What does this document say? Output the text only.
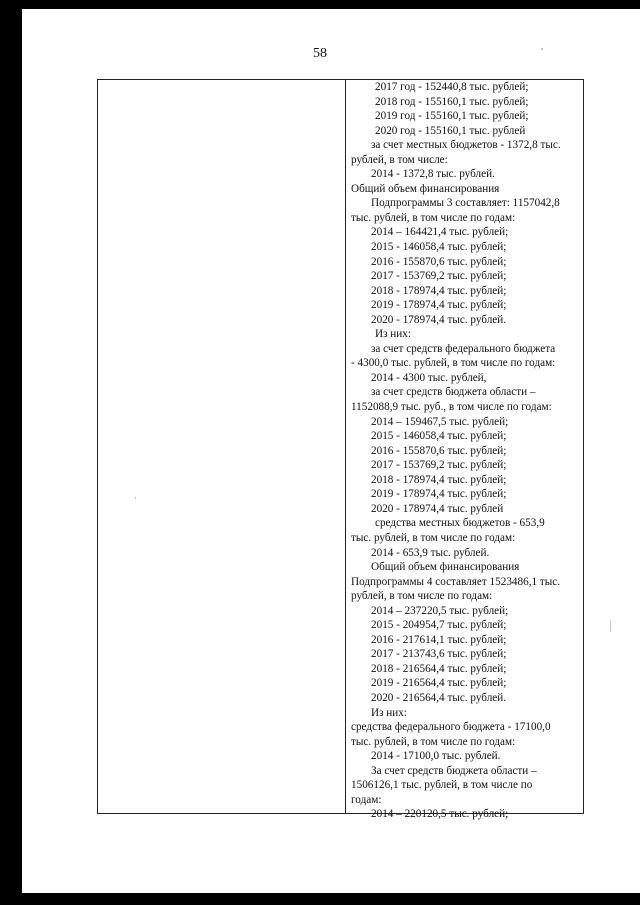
58
2017 год - 152440,8 тыс. рублей;
2018 год - 155160,1 тыс. рублей;
2019 год - 155160,1 тыс. рублей;
2020 год - 155160,1 тыс. рублей
за счет местных бюджетов - 1372,8 тыс.
рублей, в том числе:
2014 - 1372,8 тыс. рублей.
Общий объем финансирования
Подпрограммы 3 составляет: 1157042,8
тыс. рублей, в том числе по годам:
2014 – 164421,4 тыс. рублей;
2015 - 146058,4 тыс. рублей;
2016 - 155870,6 тыс. рублей;
2017 - 153769,2 тыс. рублей;
2018 - 178974,4 тыс. рублей;
2019 - 178974,4 тыс. рублей;
2020 - 178974,4 тыс. рублей.
Из них:
за счет средств федерального бюджета
- 4300,0 тыс. рублей, в том числе по годам:
2014 - 4300 тыс. рублей,
за счет средств бюджета области –
1152088,9 тыс. руб., в том числе по годам:
2014 – 159467,5 тыс. рублей;
2015 - 146058,4 тыс. рублей;
2016 - 155870,6 тыс. рублей;
2017 - 153769,2 тыс. рублей;
2018 - 178974,4 тыс. рублей;
2019 - 178974,4 тыс. рублей;
2020 - 178974,4 тыс. рублей
средства местных бюджетов - 653,9
тыс. рублей, в том числе по годам:
2014 - 653,9 тыс. рублей.
Общий объем финансирования
Подпрограммы 4 составляет 1523486,1 тыс.
рублей, в том числе по годам:
2014 – 237220,5 тыс. рублей;
2015 - 204954,7 тыс. рублей;
2016 - 217614,1 тыс. рублей;
2017 - 213743,6 тыс. рублей;
2018 - 216564,4 тыс. рублей;
2019 - 216564,4 тыс. рублей;
2020 - 216564,4 тыс. рублей.
Из них:
средства федерального бюджета - 17100,0
тыс. рублей, в том числе по годам:
2014 - 17100,0 тыс. рублей.
За счет средств бюджета области –
1506126,1 тыс. рублей, в том числе по
годам:
2014 – 220120,5 тыс. рублей;
